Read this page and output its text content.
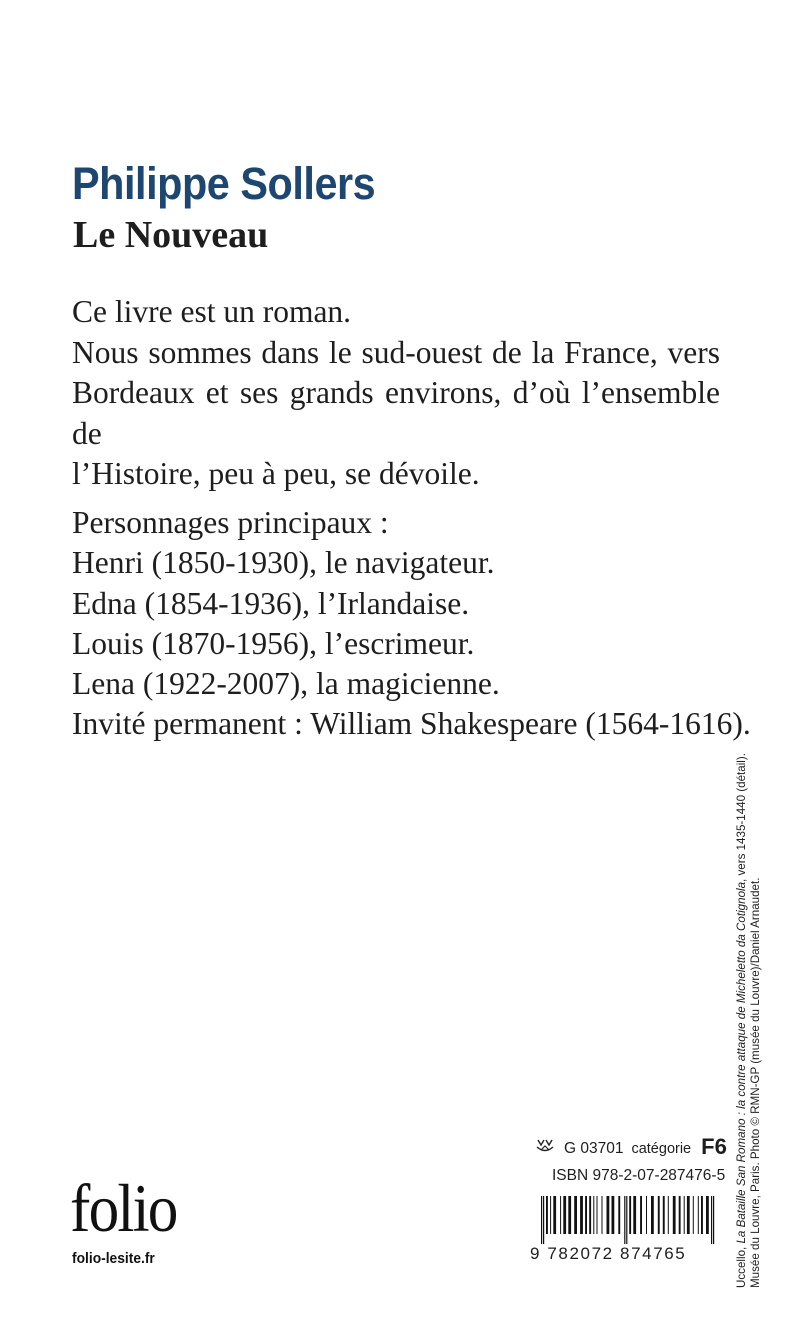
Philippe Sollers
Le Nouveau
Ce livre est un roman.
Nous sommes dans le sud-ouest de la France, vers
Bordeaux et ses grands environs, d’où l’ensemble de
l’Histoire, peu à peu, se dévoile.
Personnages principaux :
Henri (1850-1930), le navigateur.
Edna (1854-1936), l’Irlandaise.
Louis (1870-1956), l’escrimeur.
Lena (1922-2007), la magicienne.
Invité permanent : William Shakespeare (1564-1616).
Uccello, La Bataille San Romano : la contre attaque de Micheletto da Cotignola, vers 1435-1440 (détail).
Musée du Louvre, Paris. Photo © RMN-GP (musée du Louvre)/Daniel Arnaudet.
G 03701 catégorie F6
ISBN 978-2-07-287476-5
9 782072 874765
folio
folio-lesite.fr
